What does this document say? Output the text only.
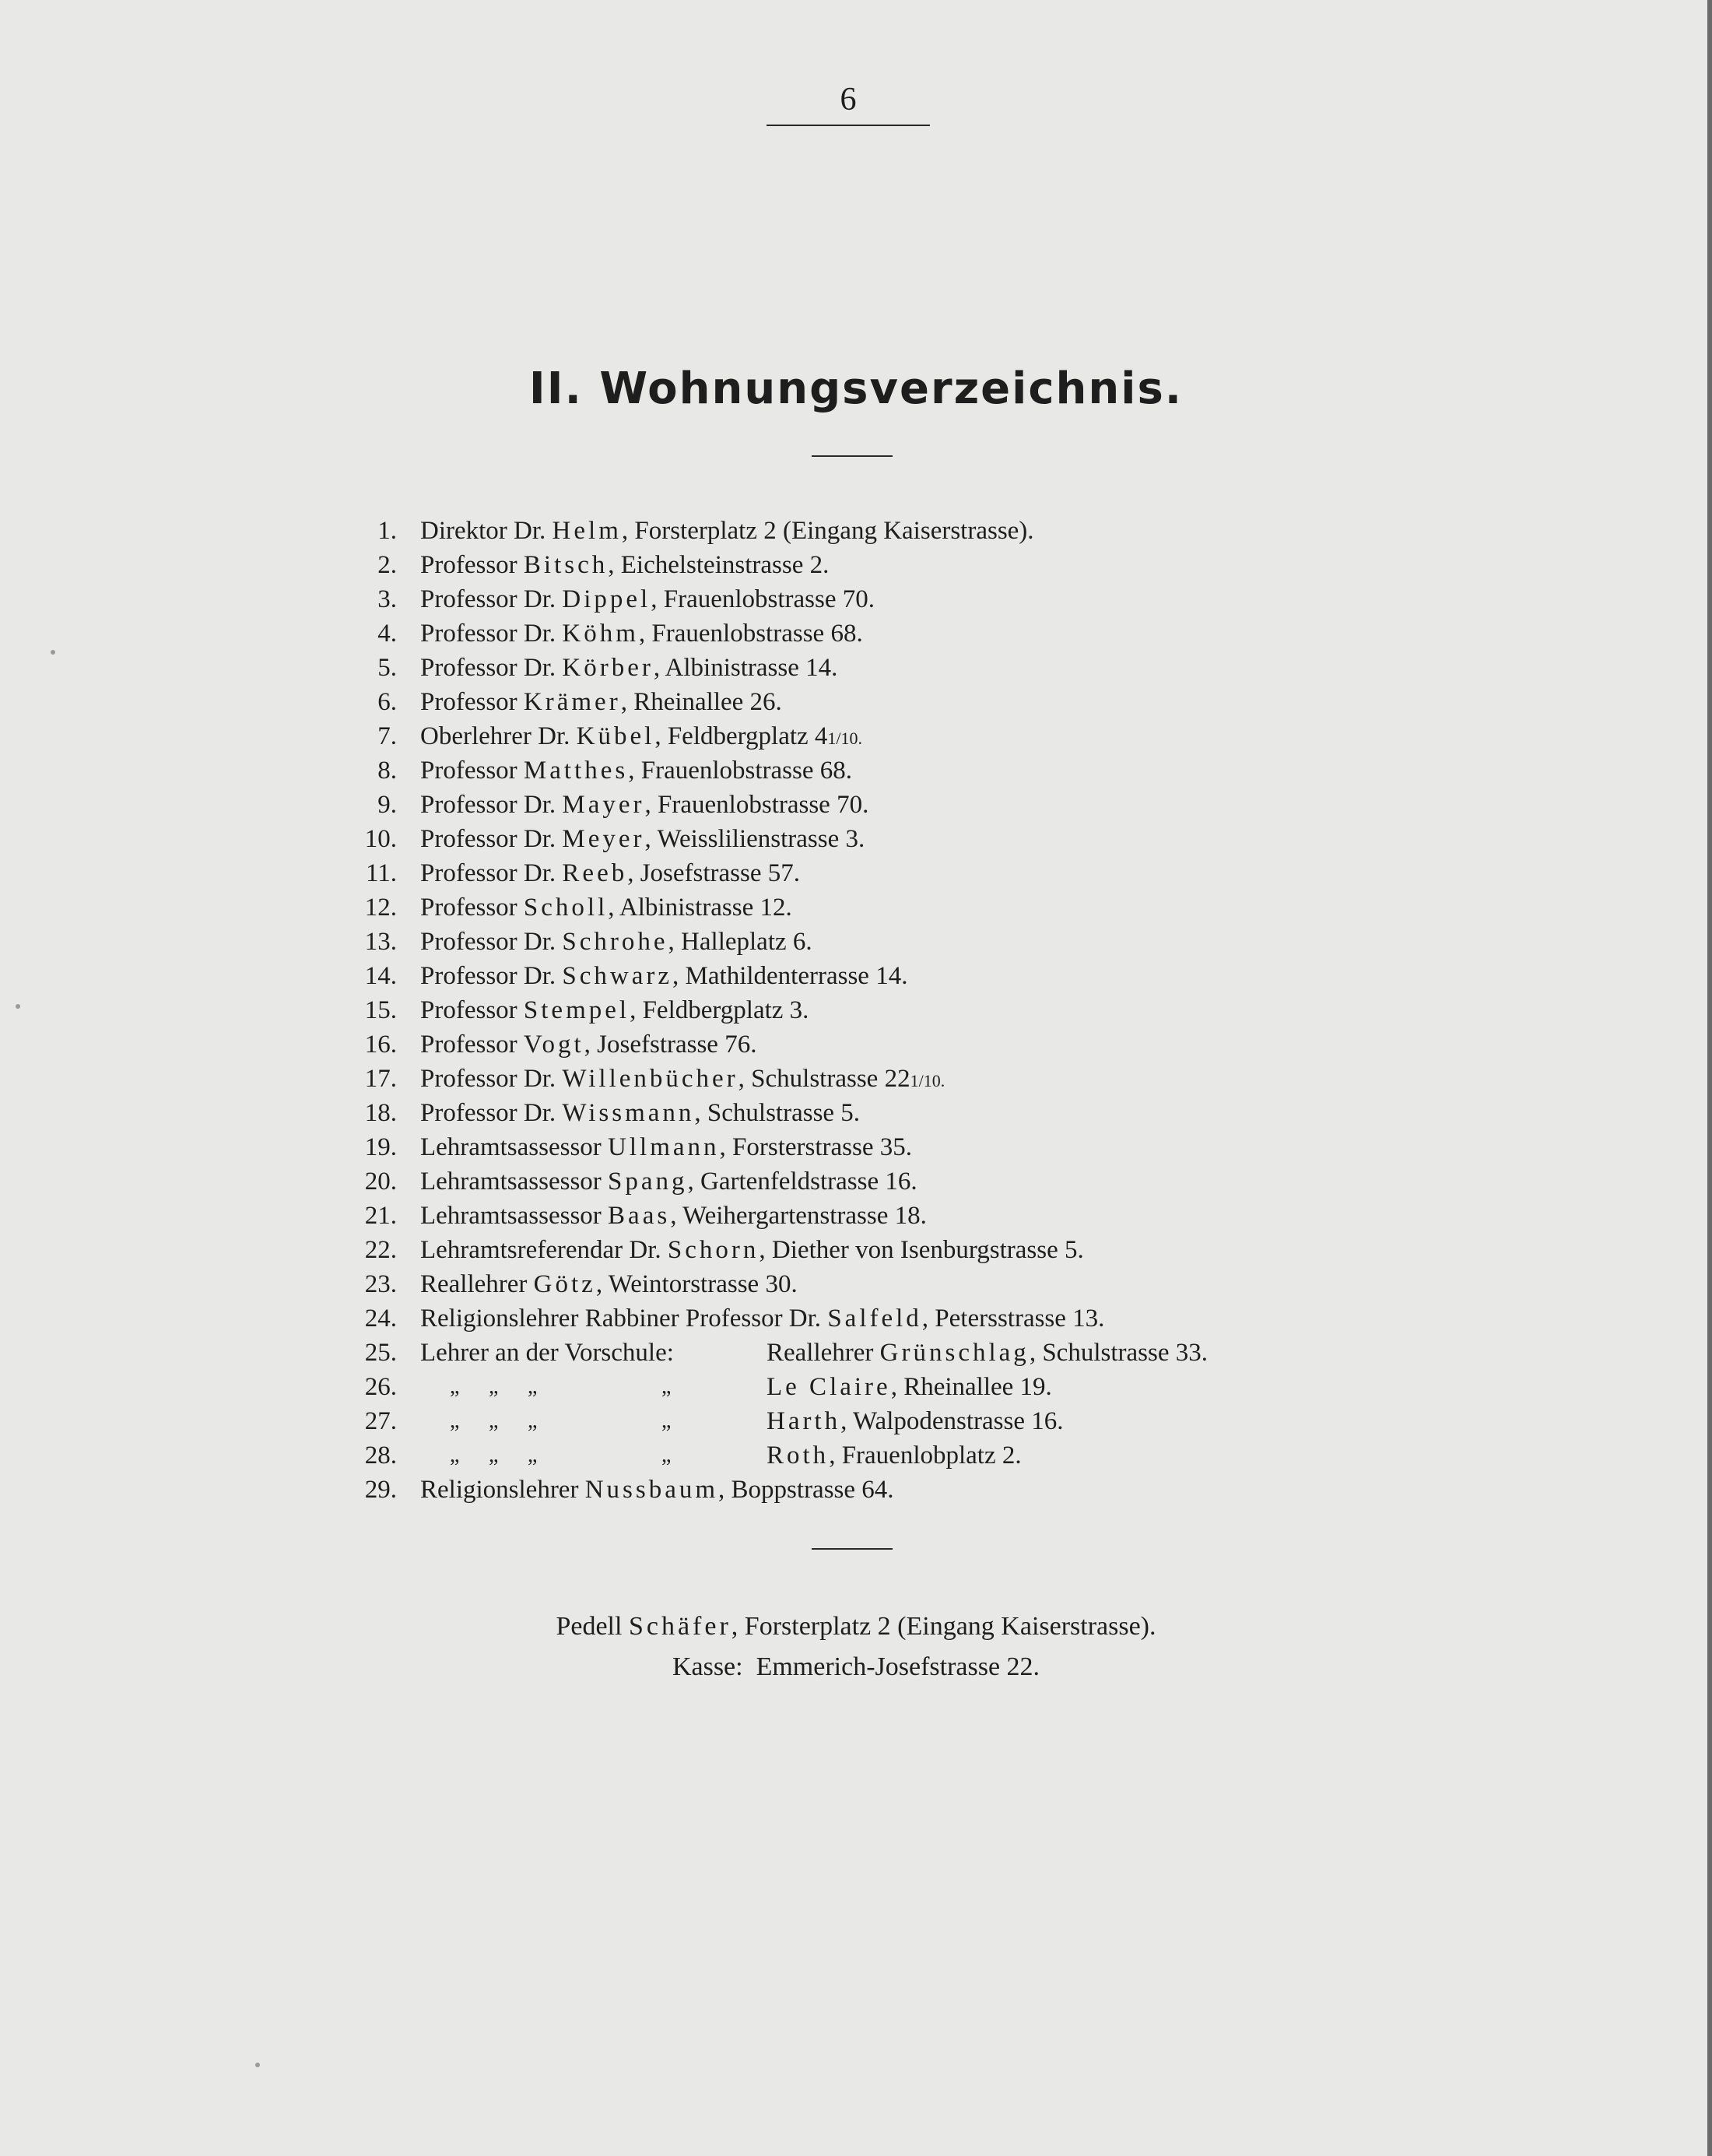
6
II. Wohnungsverzeichnis.
1. Direktor Dr. Helm, Forsterplatz 2 (Eingang Kaiserstrasse).
2. Professor Bitsch, Eichelsteinstrasse 2.
3. Professor Dr. Dippel, Frauenlobstrasse 70.
4. Professor Dr. Köhm, Frauenlobstrasse 68.
5. Professor Dr. Körber, Albinistrasse 14.
6. Professor Krämer, Rheinallee 26.
7. Oberlehrer Dr. Kübel, Feldbergplatz 41/10.
8. Professor Matthes, Frauenlobstrasse 68.
9. Professor Dr. Mayer, Frauenlobstrasse 70.
10. Professor Dr. Meyer, Weisslilienstrasse 3.
11. Professor Dr. Reeb, Josefstrasse 57.
12. Professor Scholl, Albinistrasse 12.
13. Professor Dr. Schrohe, Halleplatz 6.
14. Professor Dr. Schwarz, Mathildenterrasse 14.
15. Professor Stempel, Feldbergplatz 3.
16. Professor Vogt, Josefstrasse 76.
17. Professor Dr. Willenbücher, Schulstrasse 221/10.
18. Professor Dr. Wissmann, Schulstrasse 5.
19. Lehramtsassessor Ullmann, Forsterstrasse 35.
20. Lehramtsassessor Spang, Gartenfeldstrasse 16.
21. Lehramtsassessor Baas, Weihergartenstrasse 18.
22. Lehramtsreferendar Dr. Schorn, Diether von Isenburgstrasse 5.
23. Reallehrer Götz, Weintorstrasse 30.
24. Religionslehrer Rabbiner Professor Dr. Salfeld, Petersstrasse 13.
25. Lehrer an der Vorschule:	Reallehrer Grünschlag, Schulstrasse 33.
26. „ „ „	„	Le Claire, Rheinallee 19.
27. „ „ „	„	Harth, Walpodenstrasse 16.
28. „ „ „	„	Roth, Frauenlobplatz 2.
29. Religionslehrer Nussbaum, Boppstrasse 64.
Pedell Schäfer, Forsterplatz 2 (Eingang Kaiserstrasse).
Kasse: Emmerich-Josefstrasse 22.
